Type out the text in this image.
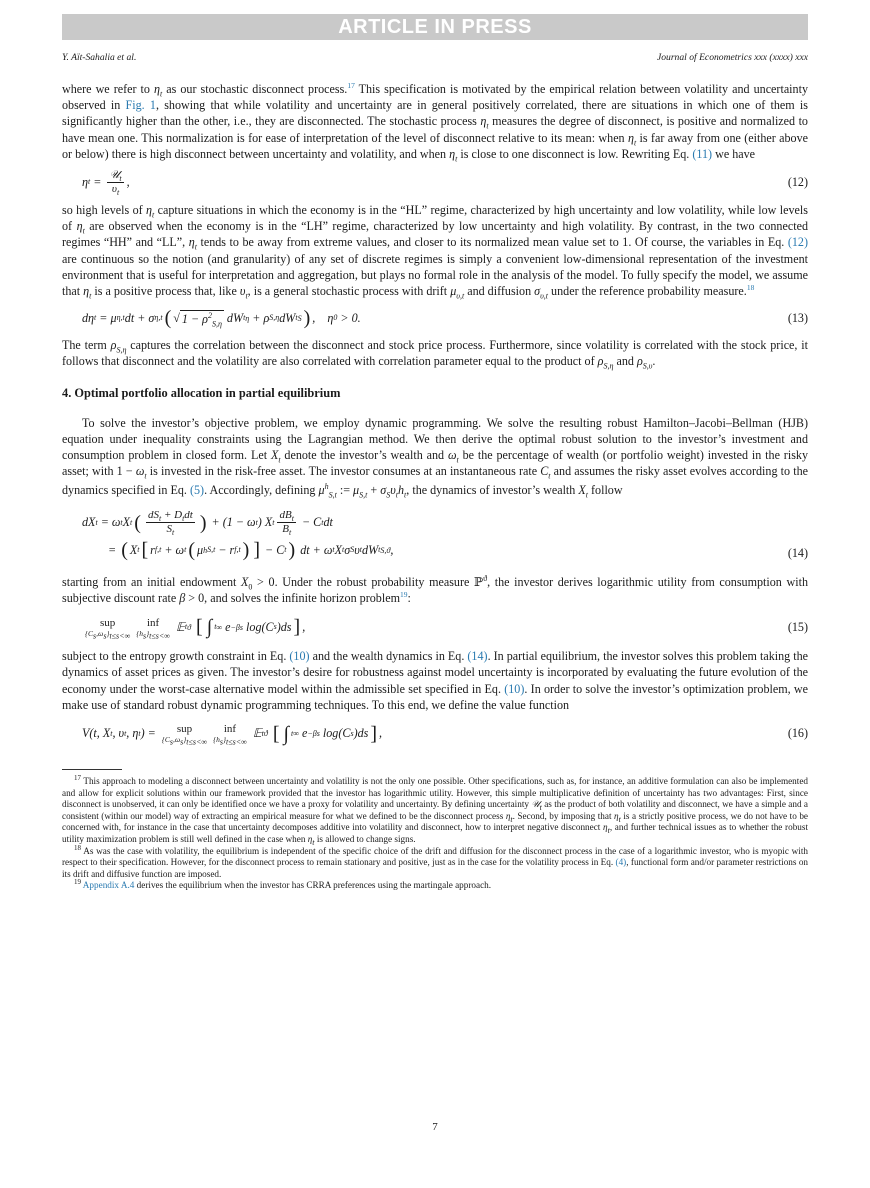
ARTICLE IN PRESS
Y. Aït-Sahalia et al.	Journal of Econometrics xxx (xxxx) xxx

where we refer to $\eta_t$ as our stochastic disconnect process.$^{17}$ This specification is motivated by the empirical relation between volatility and uncertainty observed in Fig. 1, showing that while volatility and uncertainty are in general positively correlated, there are situations in which one of them is significantly higher than the other, i.e., they are disconnected. The stochastic process $\eta_t$ measures the degree of disconnect, is positive and normalized to have mean one. This normalization is for ease of interpretation of the level of disconnect relative to its mean: when $\eta_t$ is far away from one (either above or below) there is high disconnect between uncertainty and volatility, and when $\eta_t$ is close to one disconnect is low. Rewriting Eq. (11) we have

η $t = \frac{𝒰_t}{\upsilon_t}$ ,	(12)

so high levels of $\eta_t$ capture situations in which the economy is in the “HL” regime, characterized by high uncertainty and low volatility, while low levels of $\eta_t$ are observed when the economy is in the “LH” regime, characterized by low uncertainty and high volatility. By contrast, in the two connected regimes “HH” and “LL”, $\eta_t$ tends to be away from extreme values, and closer to its normalized mean value set to 1. Of course, the variables in Eq. (12) are continuous so the notion (and granularity) of any set of discrete regimes is simply a convenient low-dimensional representation of the investment environment that is useful for interpretation and aggregation, but plays no formal role in the analysis of the model. To fully specify the model, we assume that $\eta_t$ is a positive process that, like $\upsilon_t$, is a general stochastic process with drift $\mu_{\upsilon,t}$ and diffusion $\sigma_{\upsilon,t}$ under the reference probability measure.$^{18}$

dη t = μ η,t dt + σ η,t ( √ $1 - \rho^2_{S,\eta}$ dW t η + ρ S,η dW t S ) ,    η 0 > 0.	(13)

The term $\rho_{S,\eta}$ captures the correlation between the disconnect and stock price process. Furthermore, since volatility is correlated with the stock price, it follows that disconnect and the volatility are also correlated with correlation parameter equal to the product of $\rho_{S,\eta}$ and $\rho_{S,\upsilon}$.

4. Optimal portfolio allocation in partial equilibrium

To solve the investor’s objective problem, we employ dynamic programming. We solve the resulting robust Hamilton–Jacobi–Bellman (HJB) equation under inequality constraints using the Lagrangian method. We then derive the optimal robust solution to the investor’s investment and consumption problem in closed form. Let $X_t$ denote the investor’s wealth and $\omega_t$ be the percentage of wealth (or portfolio weight) invested in the risky asset; with $1 - \omega_t$ is invested in the risk-free asset. The investor consumes at an instantaneous rate $C_t$ and assumes the risky asset evolves according to the dynamics specified in Eq. (5). Accordingly, defining $\mu^h_{S,t}$ := $\mu_{S,t} + \sigma_S\upsilon_th_t$, the dynamics of investor’s wealth $X_t$ follow

dX t = ω t X t ( $\frac{dS_t + D_tdt}{S_t}$ ) + (1 − ω t ) X t $\frac{dB_t}{B_t} - C$ t dt
= ( X t [ r f,t + ω t ( μ h S,t − r f,t ) ] − C t ) dt + ω t X t σ S υ t dW t S,ϑ ,	(14)

starting from an initial endowment $X_0 > 0$. Under the robust probability measure ℙ$^ϑ$, the investor derives logarithmic utility from consumption with subjective discount rate β > 0, and solves the infinite horizon problem$^{19}$:

sup
$\{C_s,\omega_s\}_{t\le s<\infty}$
inf
$\{h_s\}_{t\le s<\infty}$
𝔼 t ϑ
[ ∫ t ∞ e −βs log(C s )ds ] ,	(15)

subject to the entropy growth constraint in Eq. (10) and the wealth dynamics in Eq. (14). In partial equilibrium, the investor solves this problem taking the dynamics of asset prices as given. The investor’s desire for robustness against model uncertainty is incorporated by evaluating the future evolution of the economy under the worst-case alternative model within the admissible set specified in Eq. (10). In order to solve the investor’s optimization problem, we make use of standard robust dynamic programming techniques. To this end, we define the value function

V(t, X t , υ t , η t ) = sup
$\{C_s,\omega_s\}_{t\le s<\infty}$
inf
$\{h_s\}_{t\le s<\infty}$
𝔼 t ϑ
[ ∫ t ∞ e −βs log(C s )ds ] ,	(16)

$^{17}$ This approach to modeling a disconnect between uncertainty and volatility is not the only one possible. Other specifications, such as, for instance, an additive formulation can also be implemented and allow for explicit solutions within our framework provided that the investor has logarithmic utility. However, this simple multiplicative definition of uncertainty has two advantages: First, since disconnect is unobserved, it can only be identified once we have a proxy for volatility and uncertainty. By defining uncertainty 𝒰$_t$ as the product of both volatility and disconnect, we have a simple and a consistent (within our model) way of extracting an empirical measure for what we defined to be the disconnect process $\eta_t$. Second, by imposing that $\eta_t$ is a strictly positive process, we do not have to be concerned with, for instance in the case that uncertainty decomposes additive into volatility and disconnect, how to interpret negative disconnect $\eta_t$, and further technical issues as to whether the robust utility maximization problem is still well defined in the case when $\eta_t$ is allowed to change signs.

$^{18}$ As was the case with volatility, the equilibrium is independent of the specific choice of the drift and diffusion for the disconnect process in the case of a logarithmic investor, who is myopic with respect to their specification. However, for the disconnect process to remain stationary and positive, just as in the case for the volatility process in Eq. (4), functional form and/or parameter restrictions on its drift and diffusive function are imposed.

$^{19}$ Appendix A.4 derives the equilibrium when the investor has CRRA preferences using the martingale approach.

7
